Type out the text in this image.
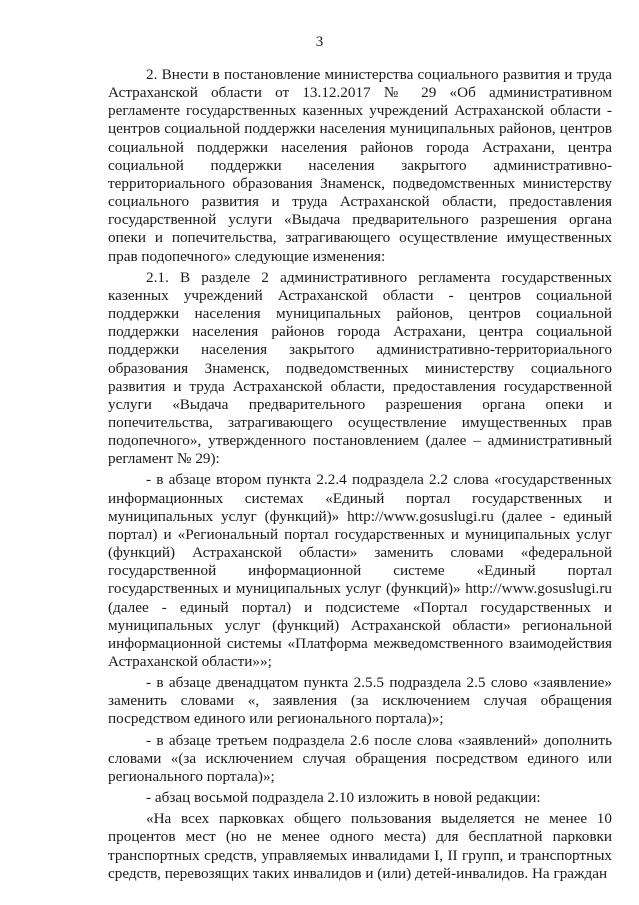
3

2. Внести в постановление министерства социального развития и труда Астраханской области от 13.12.2017 № 29 «Об административном регламенте государственных казенных учреждений Астраханской области - центров социальной поддержки населения муниципальных районов, центров социальной поддержки населения районов города Астрахани, центра социальной поддержки населения закрытого административно-территориального образования Знаменск, подведомственных министерству социального развития и труда Астраханской области, предоставления государственной услуги «Выдача предварительного разрешения органа опеки и попечительства, затрагивающего осуществление имущественных прав подопечного» следующие изменения:

2.1. В разделе 2 административного регламента государственных казенных учреждений Астраханской области - центров социальной поддержки населения муниципальных районов, центров социальной поддержки населения районов города Астрахани, центра социальной поддержки населения закрытого административно-территориального образования Знаменск, подведомственных министерству социального развития и труда Астраханской области, предоставления государственной услуги «Выдача предварительного разрешения органа опеки и попечительства, затрагивающего осуществление имущественных прав подопечного», утвержденного постановлением (далее – административный регламент № 29):

- в абзаце втором пункта 2.2.4 подраздела 2.2 слова «государственных информационных системах «Единый портал государственных и муниципальных услуг (функций)» http://www.gosuslugi.ru (далее - единый портал) и «Региональный портал государственных и муниципальных услуг (функций) Астраханской области» заменить словами «федеральной государственной информационной системе «Единый портал государственных и муниципальных услуг (функций)» http://www.gosuslugi.ru (далее - единый портал) и подсистеме «Портал государственных и муниципальных услуг (функций) Астраханской области» региональной информационной системы «Платформа межведомственного взаимодействия Астраханской области»»;

- в абзаце двенадцатом пункта 2.5.5 подраздела 2.5 слово «заявление» заменить словами «, заявления (за исключением случая обращения посредством единого или регионального портала)»;

- в абзаце третьем подраздела 2.6 после слова «заявлений» дополнить словами «(за исключением случая обращения посредством единого или регионального портала)»;

- абзац восьмой подраздела 2.10 изложить в новой редакции:

«На всех парковках общего пользования выделяется не менее 10 процентов мест (но не менее одного места) для бесплатной парковки транспортных средств, управляемых инвалидами I, II групп, и транспортных средств, перевозящих таких инвалидов и (или) детей-инвалидов. На граждан
